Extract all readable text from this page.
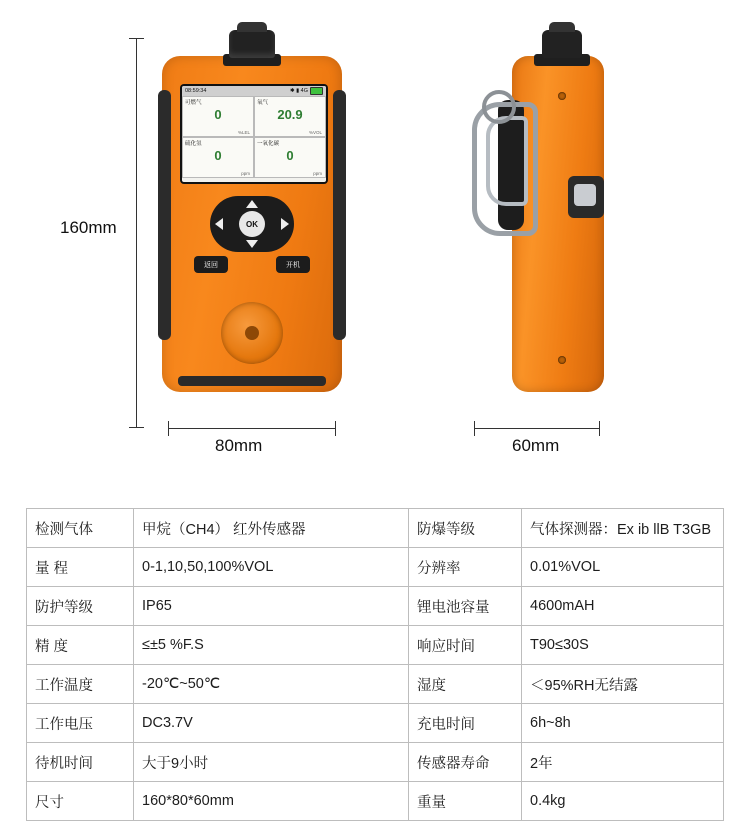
160mm
08:59:34	✱ ▮ 4G
可燃气
0
%LEL
氧气
20.9
%VOL
硫化氢
0
ppm
一氧化碳
0
ppm
OK
返回	开机
80mm	60mm
检测气体	甲烷（CH4） 红外传感器	防爆等级	气体探测器：Ex ib llB T3GB
量 程	0-1,10,50,100%VOL	分辨率	0.01%VOL
防护等级	IP65	锂电池容量	4600mAH
精 度	≤±5 %F.S	响应时间	T90≤30S
工作温度	-20℃~50℃	湿度	＜95%RH无结露
工作电压	DC3.7V	充电时间	6h~8h
待机时间	大于9小时	传感器寿命	2年
尺寸	160*80*60mm	重量	0.4kg
